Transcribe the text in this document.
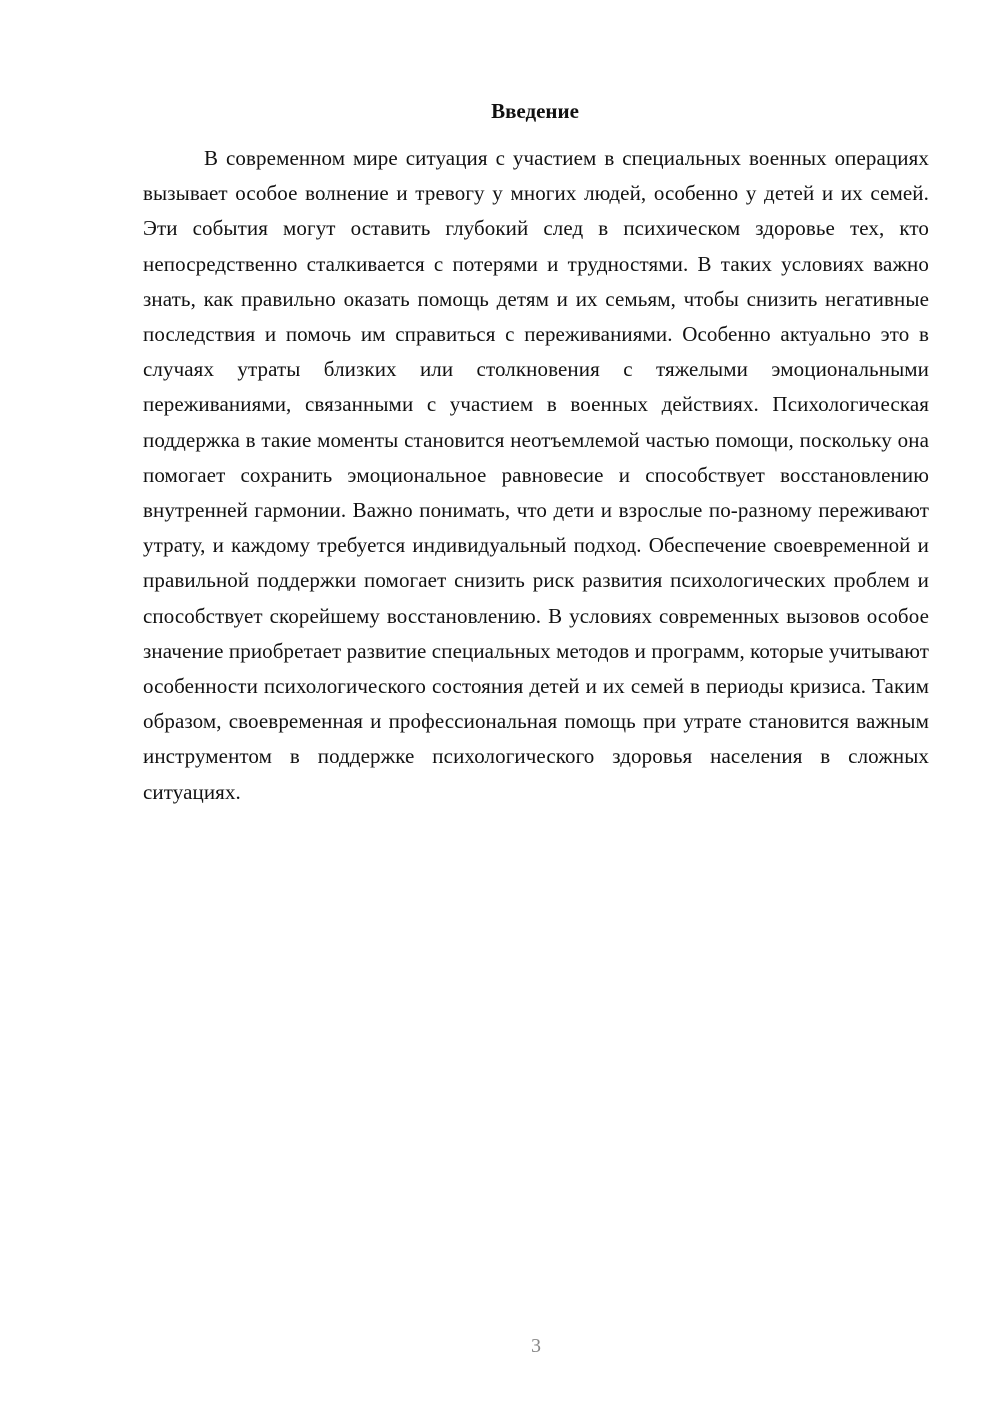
Введение

В современном мире ситуация с участием в специальных военных операциях вызывает особое волнение и тревогу у многих людей, особенно у детей и их семей. Эти события могут оставить глубокий след в психическом здоровье тех, кто непосредственно сталкивается с потерями и трудностями. В таких условиях важно знать, как правильно оказать помощь детям и их семьям, чтобы снизить негативные последствия и помочь им справиться с переживаниями. Особенно актуально это в случаях утраты близких или столкновения с тяжелыми эмоциональными переживаниями, связанными с участием в военных действиях. Психологическая поддержка в такие моменты становится неотъемлемой частью помощи, поскольку она помогает сохранить эмоциональное равновесие и способствует восстановлению внутренней гармонии. Важно понимать, что дети и взрослые по-разному переживают утрату, и каждому требуется индивидуальный подход. Обеспечение своевременной и правильной поддержки помогает снизить риск развития психологических проблем и способствует скорейшему восстановлению. В условиях современных вызовов особое значение приобретает развитие специальных методов и программ, которые учитывают особенности психологического состояния детей и их семей в периоды кризиса. Таким образом, своевременная и профессиональная помощь при утрате становится важным инструментом в поддержке психологического здоровья населения в сложных ситуациях.

3
